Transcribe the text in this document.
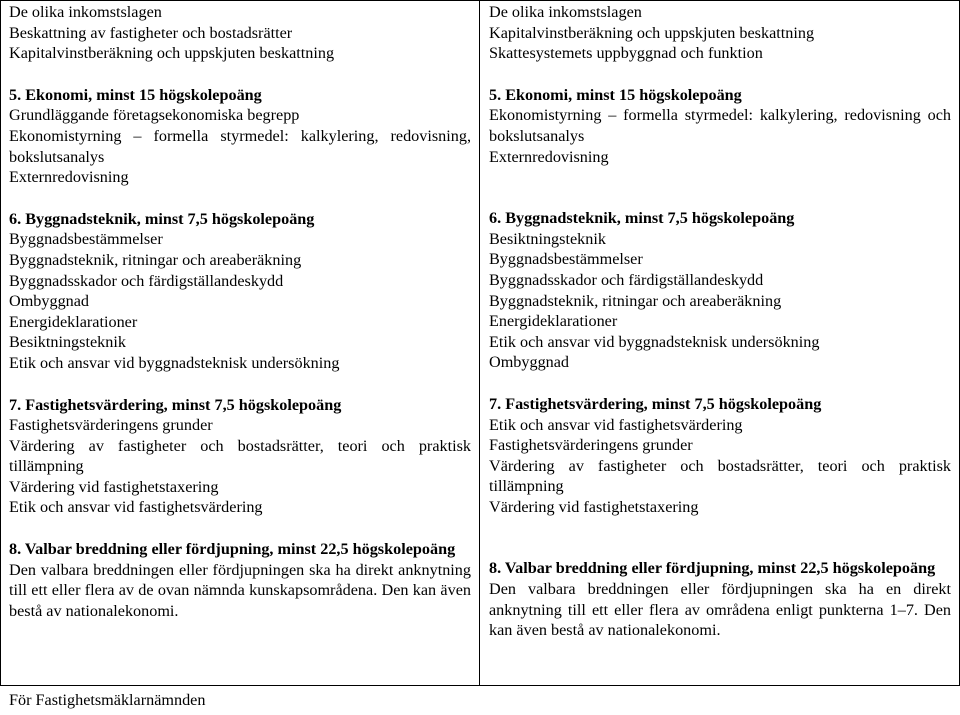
De olika inkomstslagen
Beskattning av fastigheter och bostadsrätter
Kapitalvinstberäkning och uppskjuten beskattning
5. Ekonomi, minst 15 högskolepoäng
Grundläggande företagsekonomiska begrepp
Ekonomistyrning – formella styrmedel: kalkylering, redovisning, bokslutsanalys
Externredovisning
6. Byggnadsteknik, minst 7,5 högskolepoäng
Byggnadsbestämmelser
Byggnadsteknik, ritningar och areaberäkning
Byggnadsskador och färdigställandeskydd
Ombyggnad
Energideklarationer
Besiktningsteknik
Etik och ansvar vid byggnadsteknisk undersökning
7. Fastighetsvärdering, minst 7,5 högskolepoäng
Fastighetsvärderingens grunder
Värdering av fastigheter och bostadsrätter, teori och praktisk tillämpning
Värdering vid fastighetstaxering
Etik och ansvar vid fastighetsvärdering
8. Valbar breddning eller fördjupning, minst 22,5 högskolepoäng
Den valbara breddningen eller fördjupningen ska ha direkt anknytning till ett eller flera av de ovan nämnda kunskapsområdena. Den kan även bestå av nationalekonomi.
De olika inkomstslagen
Kapitalvinstberäkning och uppskjuten beskattning
Skattesystemets uppbyggnad och funktion
5. Ekonomi, minst 15 högskolepoäng
Ekonomistyrning – formella styrmedel: kalkylering, redovisning och bokslutsanalys
Externredovisning
6. Byggnadsteknik, minst 7,5 högskolepoäng
Besiktningsteknik
Byggnadsbestämmelser
Byggnadsskador och färdigställandeskydd
Byggnadsteknik, ritningar och areaberäkning
Energideklarationer
Etik och ansvar vid byggnadsteknisk undersökning
Ombyggnad
7. Fastighetsvärdering, minst 7,5 högskolepoäng
Etik och ansvar vid fastighetsvärdering
Fastighetsvärderingens grunder
Värdering av fastigheter och bostadsrätter, teori och praktisk tillämpning
Värdering vid fastighetstaxering
8. Valbar breddning eller fördjupning, minst 22,5 högskolepoäng
Den valbara breddningen eller fördjupningen ska ha en direkt anknytning till ett eller flera av områdena enligt punkterna 1–7. Den kan även bestå av nationalekonomi.
För Fastighetsmäklarnämnden
